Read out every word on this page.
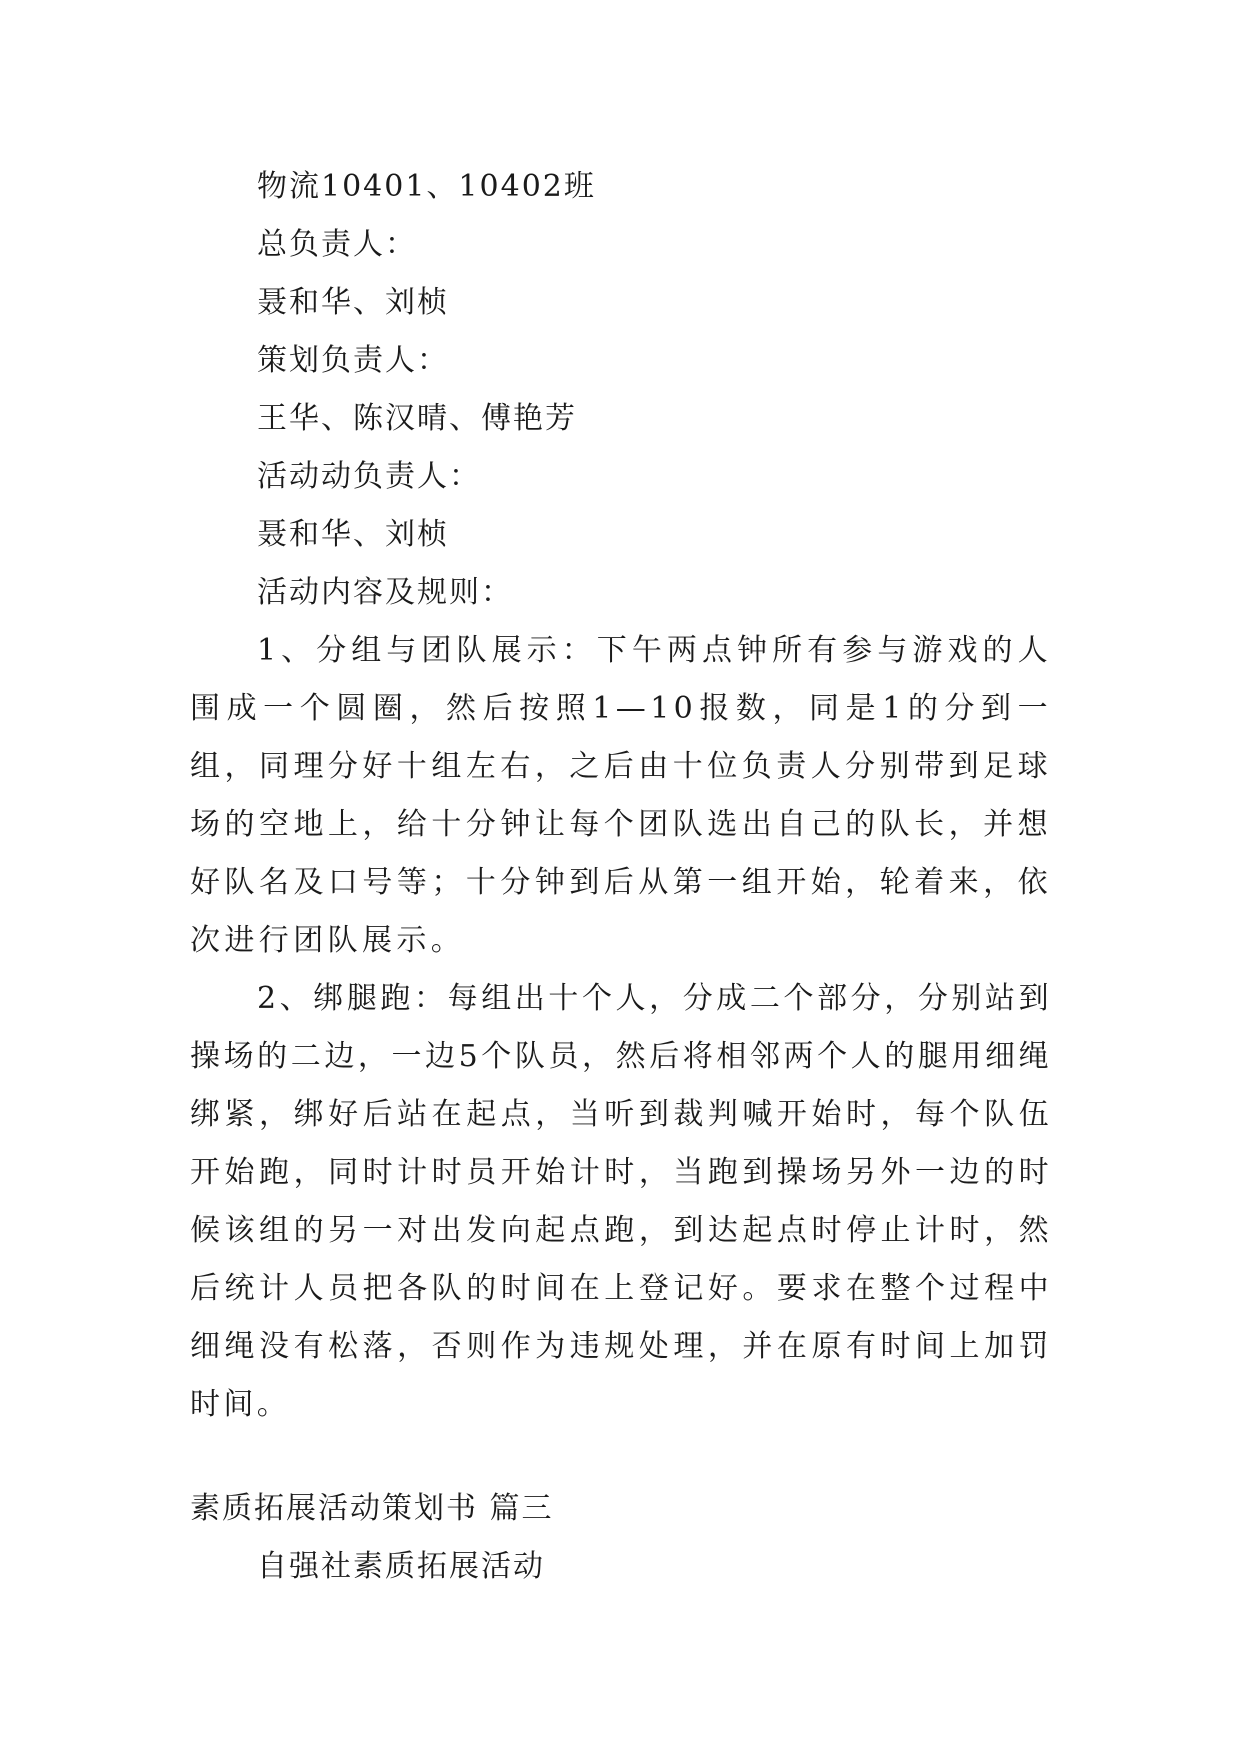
物流10401、10402班

总负责人：

聂和华、刘桢

策划负责人：

王华、陈汉晴、傅艳芳

活动动负责人：

聂和华、刘桢

活动内容及规则：

1、分组与团队展示：下午两点钟所有参与游戏的人围成一个圆圈，然后按照1—10报数，同是1的分到一组，同理分好十组左右，之后由十位负责人分别带到足球场的空地上，给十分钟让每个团队选出自己的队长，并想好队名及口号等；十分钟到后从第一组开始，轮着来，依次进行团队展示。

2、绑腿跑：每组出十个人，分成二个部分，分别站到操场的二边，一边5个队员，然后将相邻两个人的腿用细绳绑紧，绑好后站在起点，当听到裁判喊开始时，每个队伍开始跑，同时计时员开始计时，当跑到操场另外一边的时候该组的另一对出发向起点跑，到达起点时停止计时，然后统计人员把各队的时间在上登记好。要求在整个过程中细绳没有松落，否则作为违规处理，并在原有时间上加罚时间。

素质拓展活动策划书 篇三

自强社素质拓展活动
